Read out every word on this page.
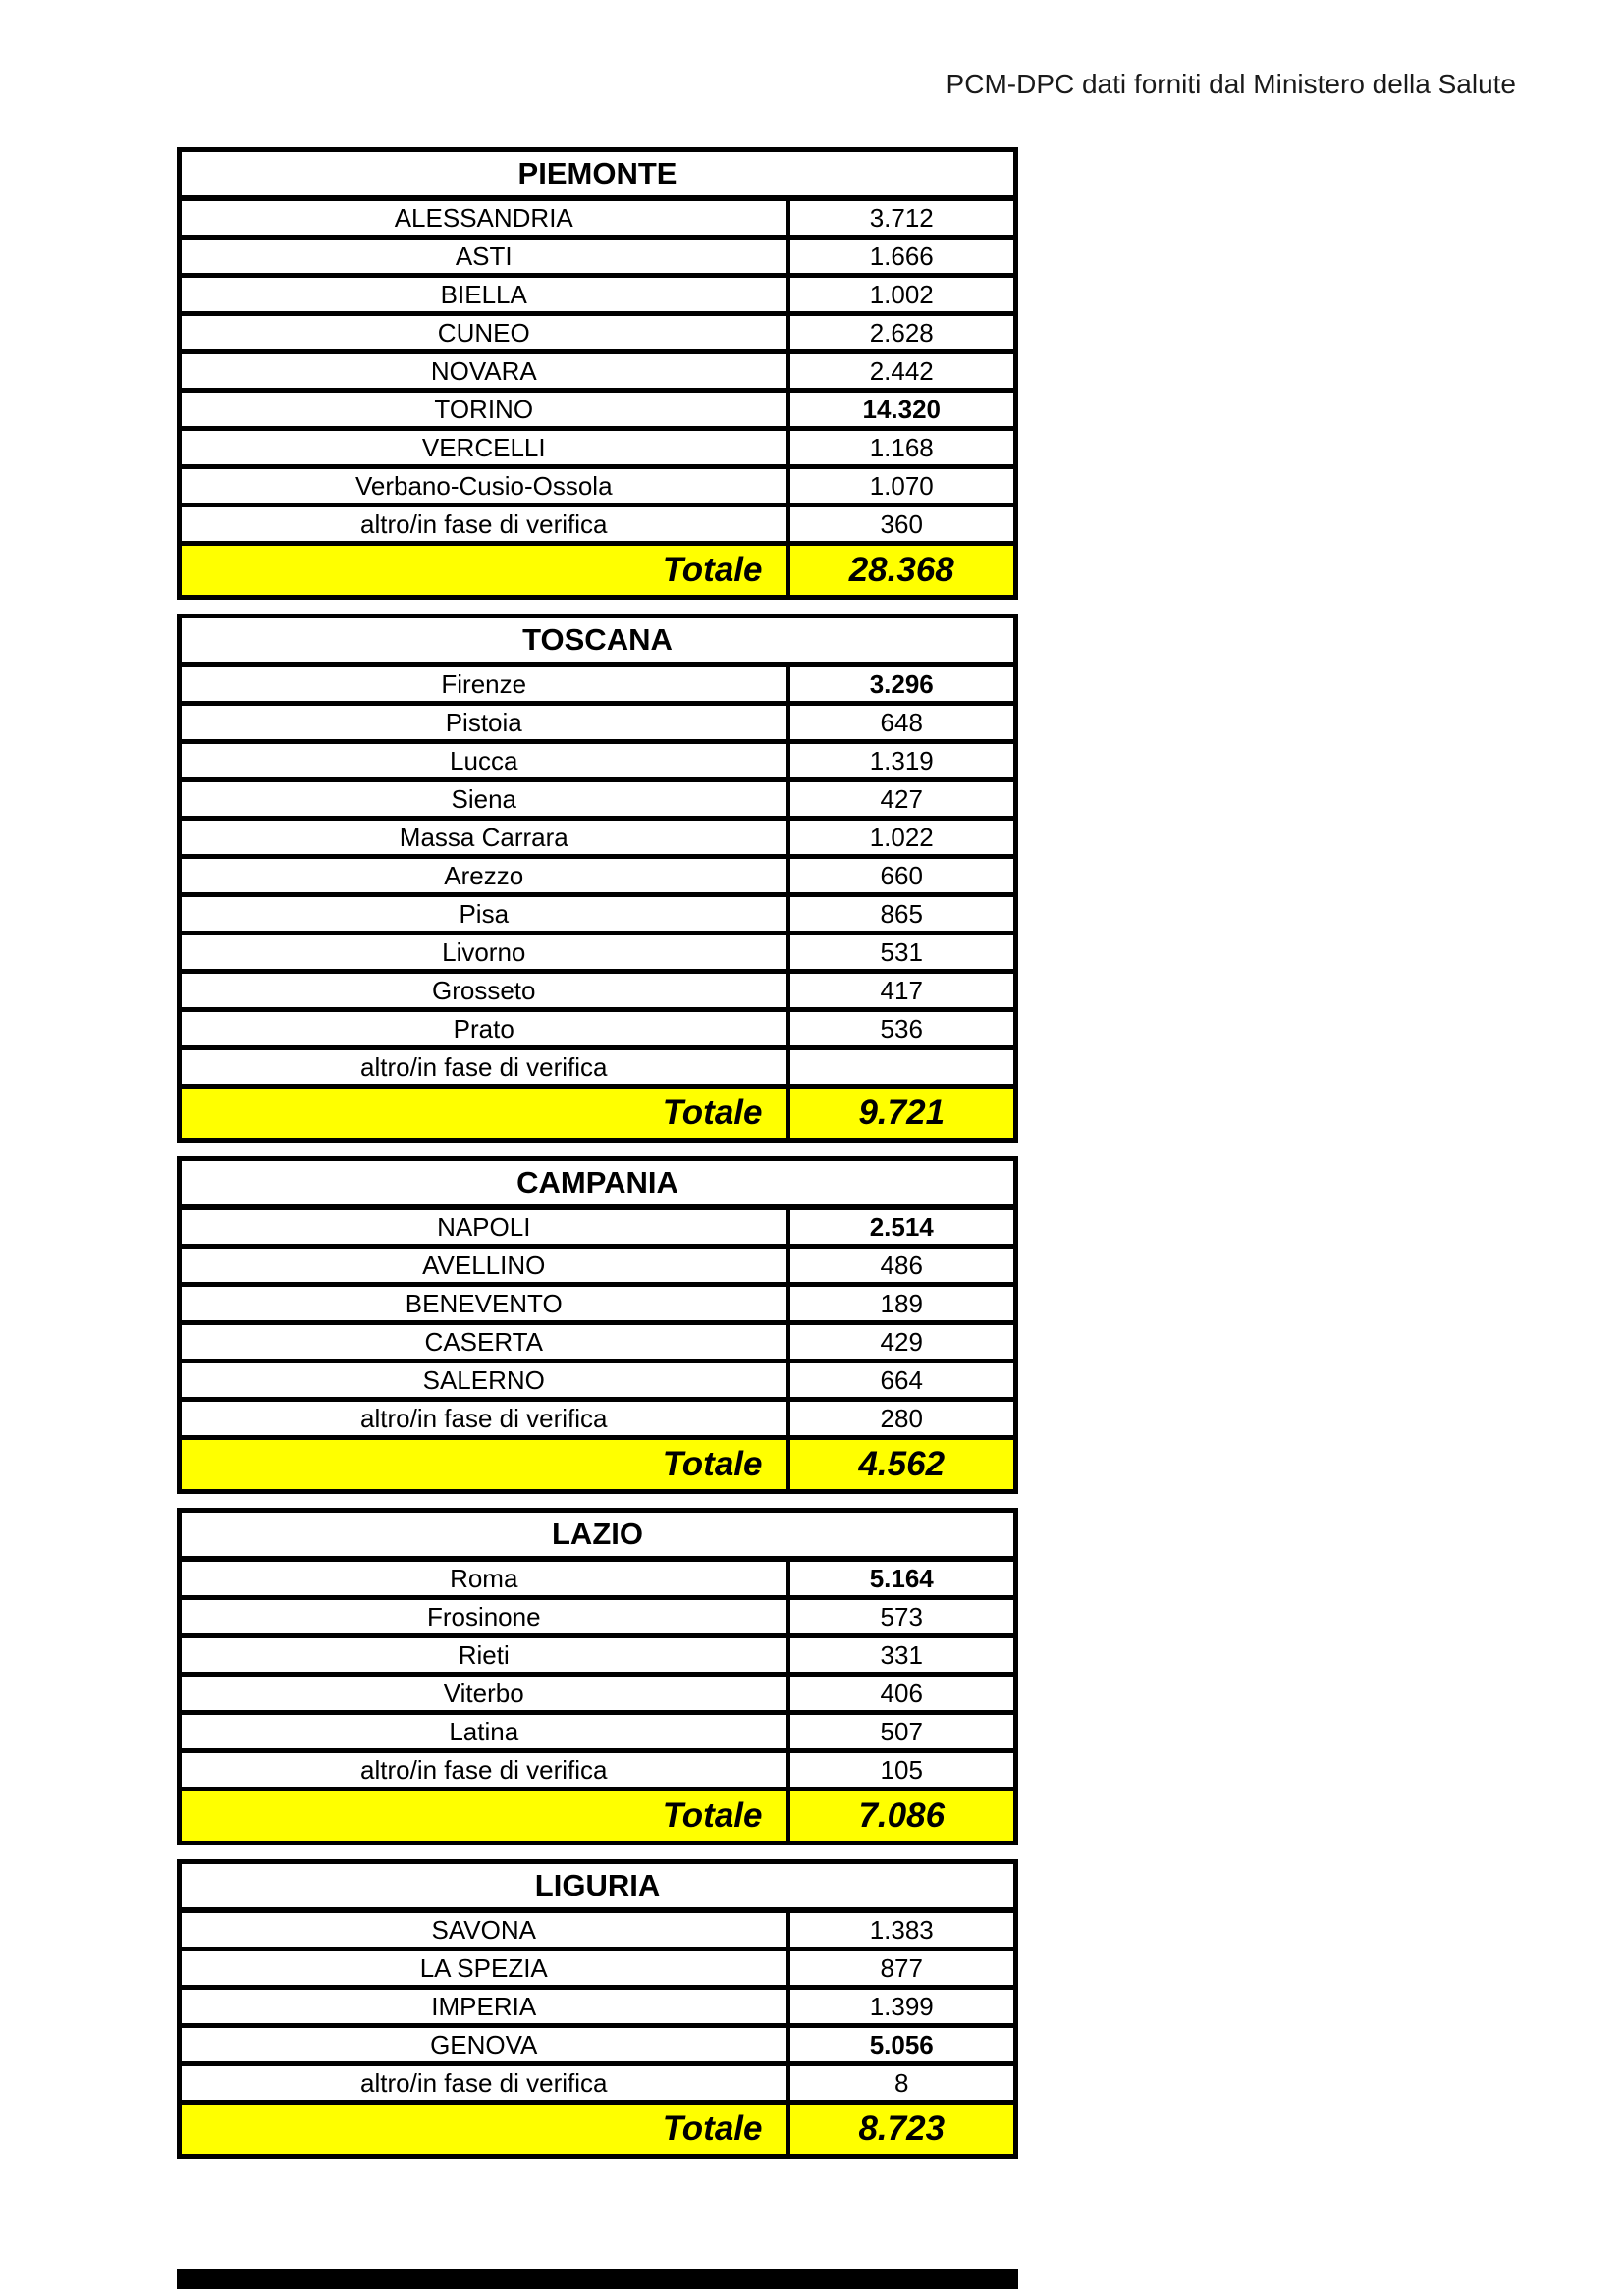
PCM-DPC dati forniti dal Ministero della Salute
PIEMONTE	
ALESSANDRIA	3.712
ASTI	1.666
BIELLA	1.002
CUNEO	2.628
NOVARA	2.442
TORINO	14.320
VERCELLI	1.168
Verbano-Cusio-Ossola	1.070
altro/in fase di verifica	360
Totale	28.368
TOSCANA	
Firenze	3.296
Pistoia	648
Lucca	1.319
Siena	427
Massa Carrara	1.022
Arezzo	660
Pisa	865
Livorno	531
Grosseto	417
Prato	536
altro/in fase di verifica	
Totale	9.721
CAMPANIA	
NAPOLI	2.514
AVELLINO	486
BENEVENTO	189
CASERTA	429
SALERNO	664
altro/in fase di verifica	280
Totale	4.562
LAZIO	
Roma	5.164
Frosinone	573
Rieti	331
Viterbo	406
Latina	507
altro/in fase di verifica	105
Totale	7.086
LIGURIA	
SAVONA	1.383
LA SPEZIA	877
IMPERIA	1.399
GENOVA	5.056
altro/in fase di verifica	8
Totale	8.723
